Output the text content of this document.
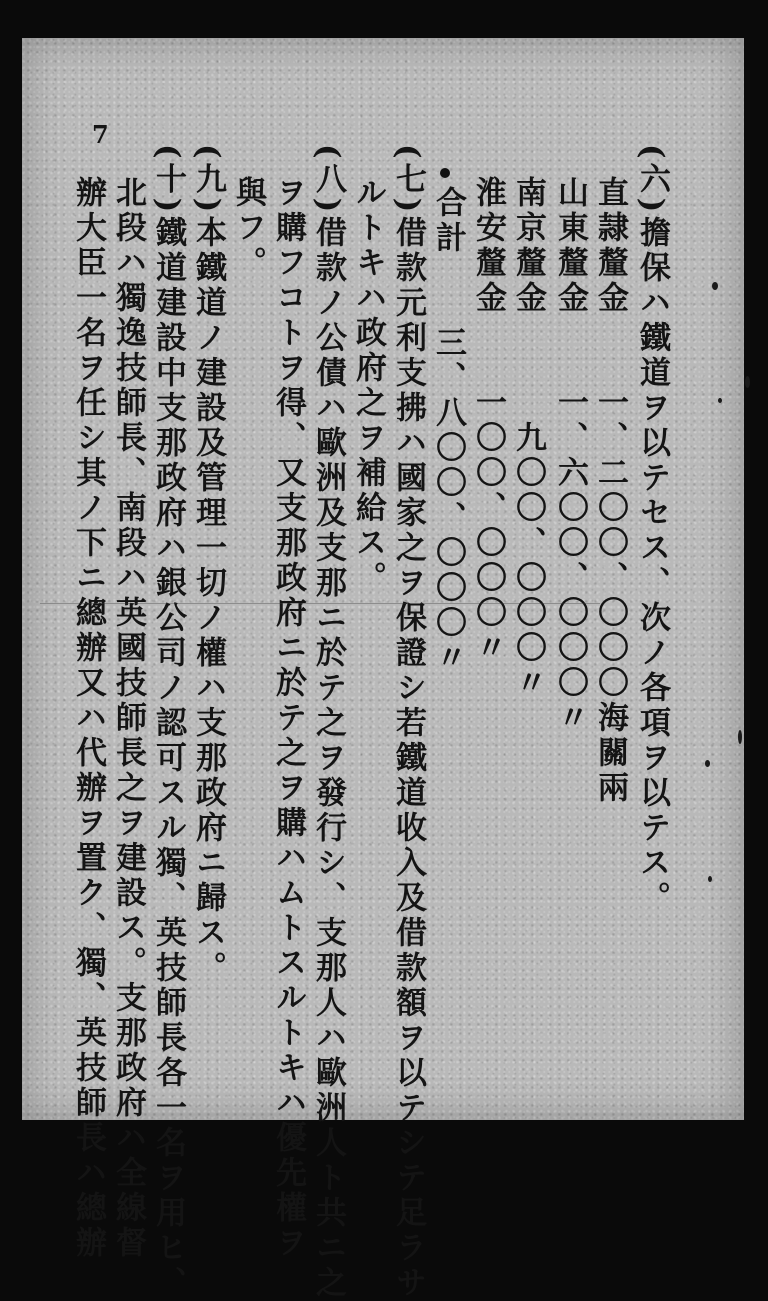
7
(六)擔保ハ鐵道ヲ以テセス、次ノ各項ヲ以テス。
直隷釐金　　一、二〇〇、〇〇〇海關兩
山東釐金　　一、六〇〇、〇〇〇〃
南京釐金　　　九〇〇、〇〇〇〃
淮安釐金　　一〇〇、〇〇〇〃
合計　　三、八〇〇、〇〇〇〃
(七)借款元利支拂ハ國家之ヲ保證シ若鐵道收入及借款額ヲ以テシテ足ラサ
ルトキハ政府之ヲ補給ス。
(八)借款ノ公債ハ歐洲及支那ニ於テ之ヲ發行シ、支那人ハ歐洲人ト共ニ之
ヲ購フコトヲ得、又支那政府ニ於テ之ヲ購ハムトスルトキハ優先權ヲ
與フ。
(九)本鐵道ノ建設及管理一切ノ權ハ支那政府ニ歸ス。
(十)鐵道建設中支那政府ハ銀公司ノ認可スル獨、英技師長各一名ヲ用ヒ、
北段ハ獨逸技師長、南段ハ英國技師長之ヲ建設ス。支那政府ハ全線督
辦大臣一名ヲ任シ其ノ下ニ總辦又ハ代辦ヲ置ク、獨、英技師長ハ總辦
